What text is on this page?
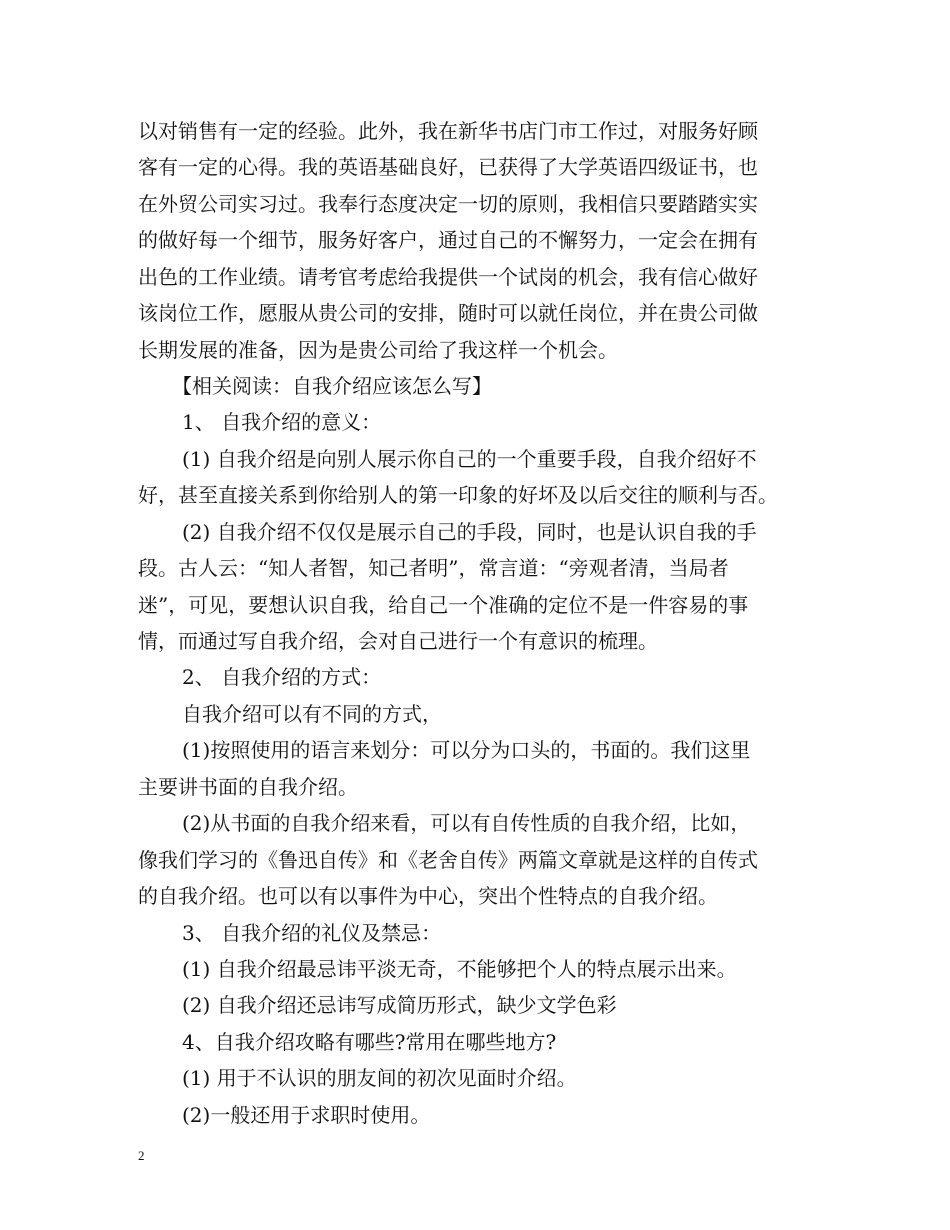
以对销售有一定的经验。此外，我在新华书店门市工作过，对服务好顾
客有一定的心得。我的英语基础良好，已获得了大学英语四级证书，也
在外贸公司实习过。我奉行态度决定一切的原则，我相信只要踏踏实实
的做好每一个细节，服务好客户，通过自己的不懈努力，一定会在拥有
出色的工作业绩。请考官考虑给我提供一个试岗的机会，我有信心做好
该岗位工作，愿服从贵公司的安排，随时可以就任岗位，并在贵公司做
长期发展的准备，因为是贵公司给了我这样一个机会。
【相关阅读：自我介绍应该怎么写】
1、 自我介绍的意义：
(1) 自我介绍是向别人展示你自己的一个重要手段，自我介绍好不
好，甚至直接关系到你给别人的第一印象的好坏及以后交往的顺利与否。
(2) 自我介绍不仅仅是展示自己的手段，同时，也是认识自我的手
段。古人云：“知人者智，知己者明”，常言道：“旁观者清，当局者
迷”，可见，要想认识自我，给自己一个准确的定位不是一件容易的事
情，而通过写自我介绍，会对自己进行一个有意识的梳理。
2、 自我介绍的方式：
自我介绍可以有不同的方式，
(1)按照使用的语言来划分：可以分为口头的，书面的。我们这里
主要讲书面的自我介绍。
(2)从书面的自我介绍来看，可以有自传性质的自我介绍，比如，
像我们学习的《鲁迅自传》和《老舍自传》两篇文章就是这样的自传式
的自我介绍。也可以有以事件为中心，突出个性特点的自我介绍。
3、 自我介绍的礼仪及禁忌：
(1) 自我介绍最忌讳平淡无奇，不能够把个人的特点展示出来。
(2) 自我介绍还忌讳写成简历形式，缺少文学色彩
4、自我介绍攻略有哪些?常用在哪些地方?
(1) 用于不认识的朋友间的初次见面时介绍。
(2)一般还用于求职时使用。
2
